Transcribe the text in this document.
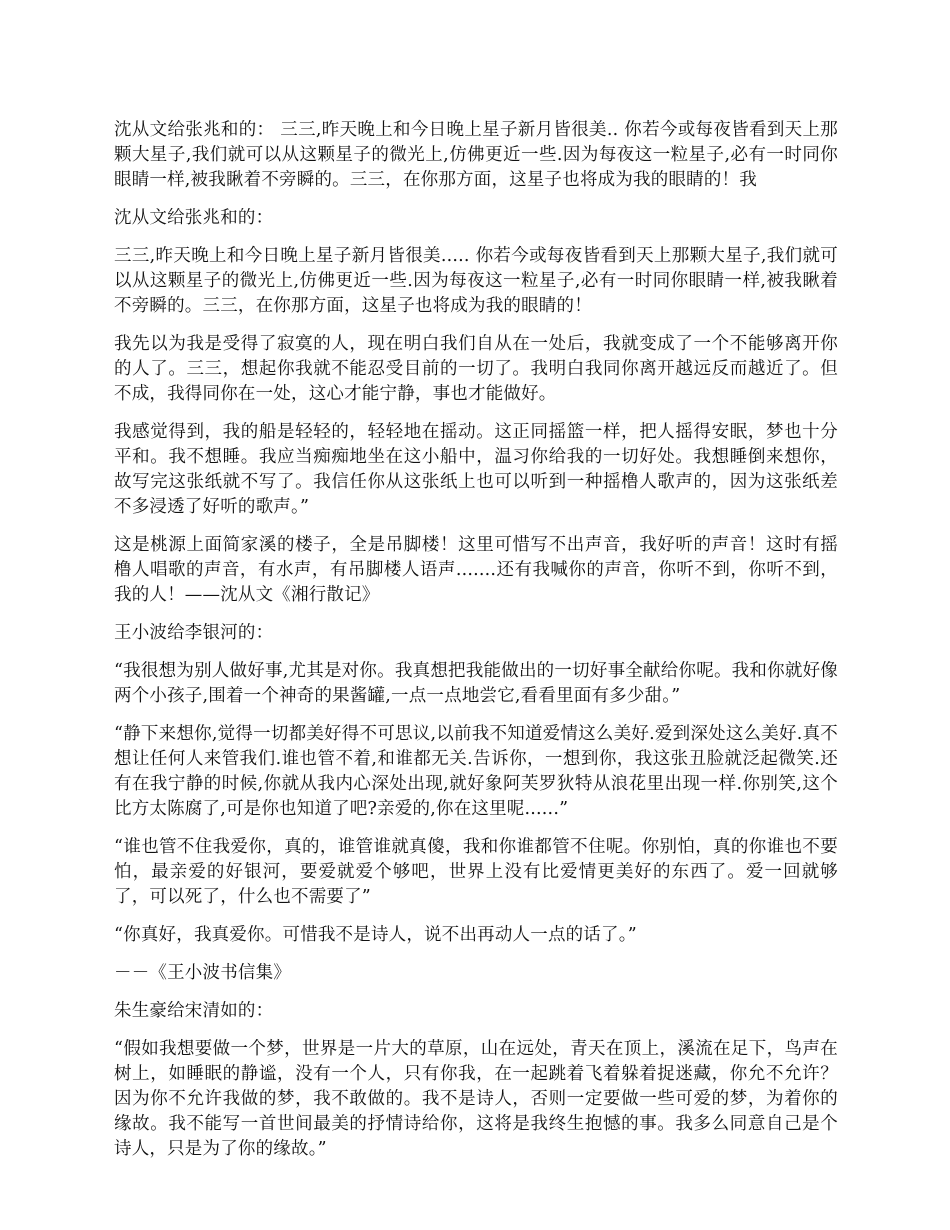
沈从文给张兆和的： 三三,昨天晚上和今日晚上星子新月皆很美.. 你若今或每夜皆看到天上那颗大星子,我们就可以从这颗星子的微光上,仿佛更近一些.因为每夜这一粒星子,必有一时同你眼睛一样,被我瞅着不旁瞬的。三三，在你那方面，这星子也将成为我的眼睛的！我

沈从文给张兆和的：

三三,昨天晚上和今日晚上星子新月皆很美..... 你若今或每夜皆看到天上那颗大星子,我们就可以从这颗星子的微光上,仿佛更近一些.因为每夜这一粒星子,必有一时同你眼睛一样,被我瞅着不旁瞬的。三三，在你那方面，这星子也将成为我的眼睛的！

我先以为我是受得了寂寞的人，现在明白我们自从在一处后，我就变成了一个不能够离开你的人了。三三，想起你我就不能忍受目前的一切了。我明白我同你离开越远反而越近了。但不成，我得同你在一处，这心才能宁静，事也才能做好。

我感觉得到，我的船是轻轻的，轻轻地在摇动。这正同摇篮一样，把人摇得安眠，梦也十分平和。我不想睡。我应当痴痴地坐在这小船中，温习你给我的一切好处。我想睡倒来想你，故写完这张纸就不写了。我信任你从这张纸上也可以听到一种摇橹人歌声的，因为这张纸差不多浸透了好听的歌声。”

这是桃源上面简家溪的楼子，全是吊脚楼！这里可惜写不出声音，我好听的声音！这时有摇橹人唱歌的声音，有水声，有吊脚楼人语声.......还有我喊你的声音，你听不到，你听不到，我的人！——沈从文《湘行散记》

王小波给李银河的：

“我很想为别人做好事,尤其是对你。我真想把我能做出的一切好事全献给你呢。我和你就好像两个小孩子,围着一个神奇的果酱罐,一点一点地尝它,看看里面有多少甜。”

“静下来想你,觉得一切都美好得不可思议,以前我不知道爱情这么美好.爱到深处这么美好.真不想让任何人来管我们.谁也管不着,和谁都无关.告诉你，一想到你，我这张丑脸就泛起微笑.还有在我宁静的时候,你就从我内心深处出现,就好象阿芙罗狄特从浪花里出现一样.你别笑,这个比方太陈腐了,可是你也知道了吧?亲爱的,你在这里呢......”

“谁也管不住我爱你，真的，谁管谁就真傻，我和你谁都管不住呢。你别怕，真的你谁也不要怕，最亲爱的好银河，要爱就爱个够吧，世界上没有比爱情更美好的东西了。爱一回就够了，可以死了，什么也不需要了”

“你真好，我真爱你。可惜我不是诗人，说不出再动人一点的话了。”

－－《王小波书信集》

朱生豪给宋清如的：

“假如我想要做一个梦，世界是一片大的草原，山在远处，青天在顶上，溪流在足下，鸟声在树上，如睡眠的静谧，没有一个人，只有你我，在一起跳着飞着躲着捉迷藏，你允不允许？因为你不允许我做的梦，我不敢做的。我不是诗人，否则一定要做一些可爱的梦，为着你的缘故。我不能写一首世间最美的抒情诗给你，这将是我终生抱憾的事。我多么同意自己是个诗人，只是为了你的缘故。”
